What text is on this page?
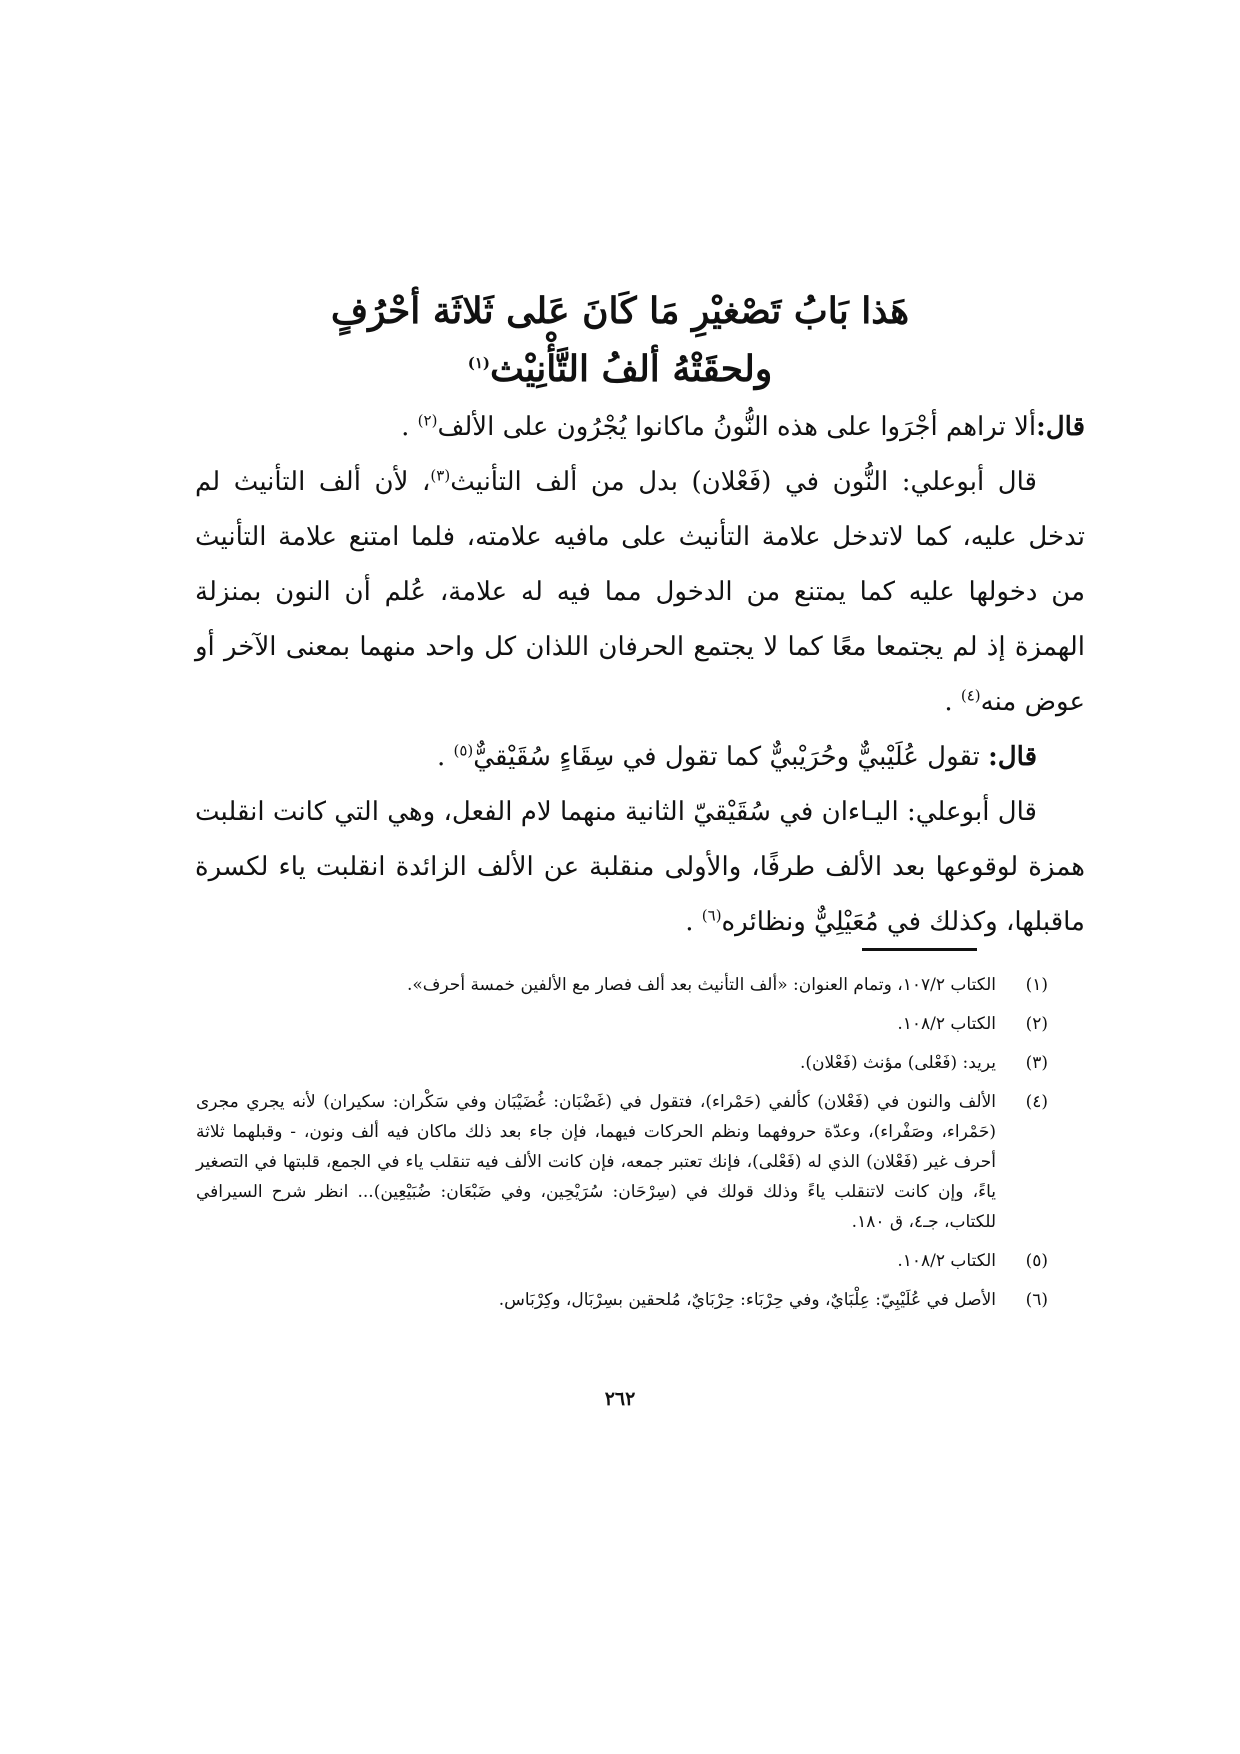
هَذا بَابُ تَصْغيْرِ مَا كَانَ عَلى ثَلاثَة أحْرُفٍ
ولحقَتْهُ ألفُ التَّأْنِيْث$^{(١)}$

قال:ألا تراهم أجْرَوا على هذه النُّونُ ماكانوا يُجْرُون على الألف$^{(٢)}$ .

قال أبوعلي: النُّون في (فَعْلان) بدل من ألف التأنيث$^{(٣)}$، لأن ألف التأنيث لم تدخل عليه، كما لاتدخل علامة التأنيث على مافيه علامته، فلما امتنع علامة التأنيث من دخولها عليه كما يمتنع من الدخول مما فيه له علامة، عُلم أن النون بمنزلة الهمزة إذ لم يجتمعا معًا كما لا يجتمع الحرفان اللذان كل واحد منهما بمعنى الآخر أو عوض منه$^{(٤)}$ .

قال: تقول عُلَيْبيٌّ وحُرَيْبيٌّ كما تقول في سِقَاءٍ سُقَيْقيٌّ$^{(٥)}$ .

قال أبوعلي: اليـاءان في سُقَيْقيّ الثانية منهما لام الفعل، وهي التي كانت انقلبت همزة لوقوعها بعد الألف طرفًا، والأولى منقلبة عن الألف الزائدة انقلبت ياء لكسرة ماقبلها، وكذلك في مُعَيْلِيٌّ ونظائره$^{(٦)}$ .

(١)
الكتاب ١٠٧/٢، وتمام العنوان: «ألف التأنيث بعد ألف فصار مع الألفين خمسة أحرف».
(٢)
الكتاب ١٠٨/٢.
(٣)
يريد: (فَعْلى) مؤنث (فَعْلان).
(٤)
الألف والنون في (فَعْلان) كألفي (حَمْراء)، فتقول في (غَضْبَان: غُضَيْبَان وفي سَكْران: سكيران) لأنه يجري مجرى (حَمْراء، وصَفْراء)، وعدّة حروفهما ونظم الحركات فيهما، فإن جاء بعد ذلك ماكان فيه ألف ونون، - وقبلهما ثلاثة أحرف غير (فَعْلان) الذي له (فَعْلى)، فإنك تعتبر جمعه، فإن كانت الألف فيه تنقلب ياء في الجمع، قلبتها في التصغير ياءً، وإن كانت لاتنقلب ياءً وذلك قولك في (سِرْحَان: سُرَيْحِين، وفي ضَبْعَان: ضُبَيْعِين)... انظر شرح السيرافي للكتاب، جـ٤، ق ١٨٠.
(٥)
الكتاب ١٠٨/٢.
(٦)
الأصل في عُلَيْبِيّ: عِلْبَايٌ، وفي حِرْبَاء: حِرْبَايٌ، مُلحقين بسِرْبَال، وكِرْبَاس.
٢٦٢
